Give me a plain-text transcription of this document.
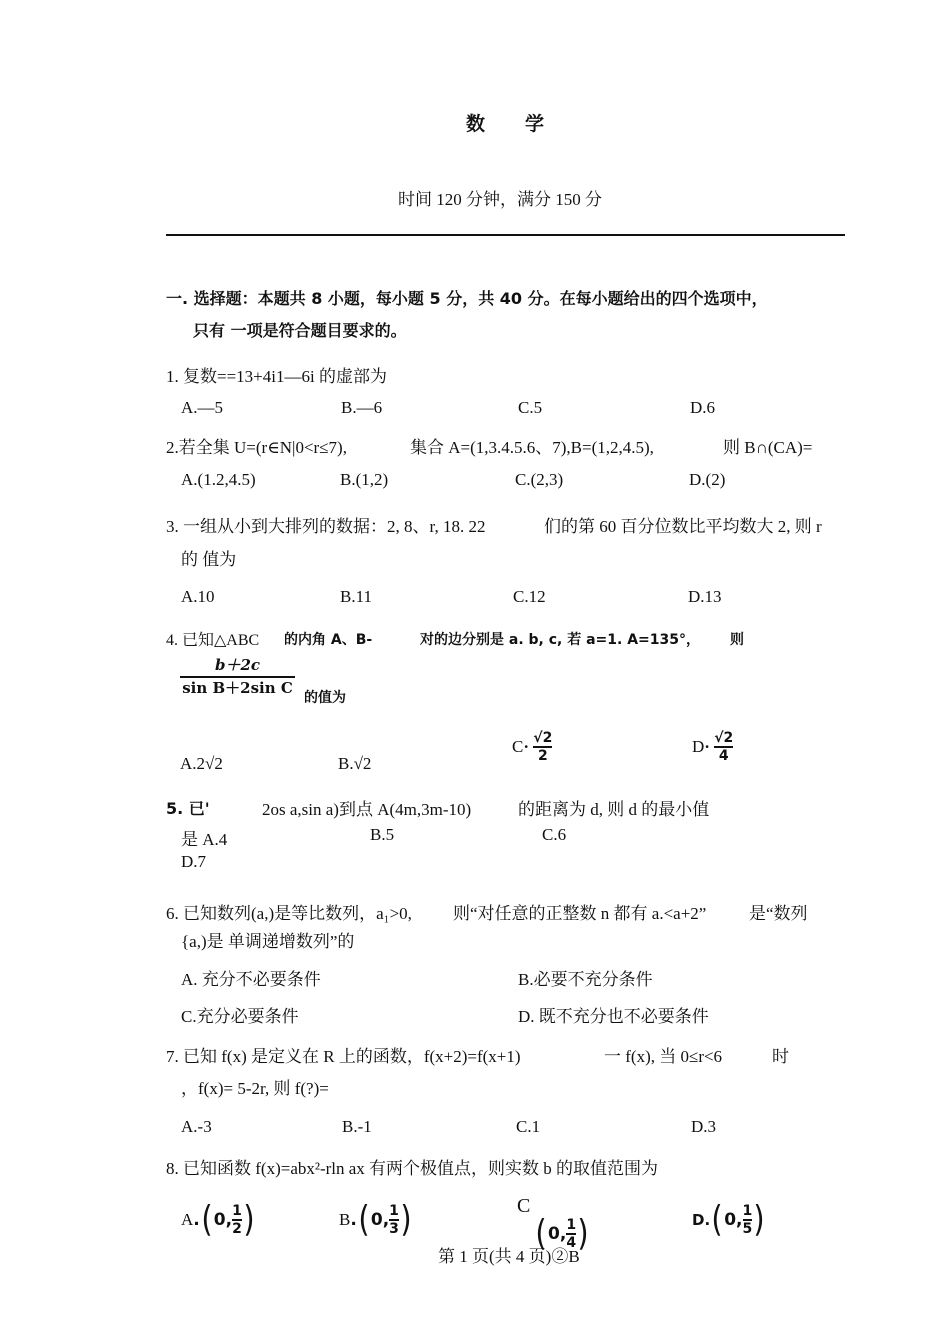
数 学
时间 120 分钟，满分 150 分
一. 选择题：本题共 8 小题，每小题 5 分，共 40 分。在每小题给出的四个选项中，
只有 一项是符合题目要求的。
1. 复数==13+4i1—6i 的虚部为
A.—5	B.—6	C.5	D.6
2.若全集 U=(r∈N|0<r≤7),	集合 A=(1,3.4.5.6、7),B=(1,2,4.5),	则 B∩(CA)=
A.(1.2,4.5)	B.(1,2)	C.(2,3)	D.(2)
3. 一组从小到大排列的数据：2, 8、r, 18. 22	们的第 60 百分位数比平均数大 2, 则 r
的 值为
A.10	B.11	C.12	D.13
4. 已知△ABC 的内角 A、B-	对的边分别是 a. b, c, 若 a=1. A=135°， 则
b＋2c
sin B＋2sin C
的值为
A.2√2	B.√2
$C\cdot \frac{√2}{2}$	$D\cdot \frac{√2}{4}$
5. 已'	2os a,sin a)到点 A(4m,3m-10)	的距离为 d, 则 d 的最小值
是 A.4	B.5	C.6
D.7
6. 已知数列(a,)是等比数列，a₁>0, 则“对任意的正整数 n 都有 a.<a+2”	是“数列
{a,)是 单调递增数列”的
A. 充分不必要条件	B.必要不充分条件
C.充分必要条件	D. 既不充分也不必要条件
7. 已知 f(x) 是定义在 R 上的函数，f(x+2)=f(x+1)	一 f(x), 当 0≤r<6	时
，f(x)= 5-2r, 则 f(?)=
A.-3	B.-1	C.1	D.3
8. 已知函数 f(x)=abx²-rln ax 有两个极值点，则实数 b 的取值范围为
A . ( 0, 1
2 )	B . ( 0, 1
3 )	C
( 0, 1
4 )	D. ( 0, 1
5 )
第 1 页(共 4 页)②B
